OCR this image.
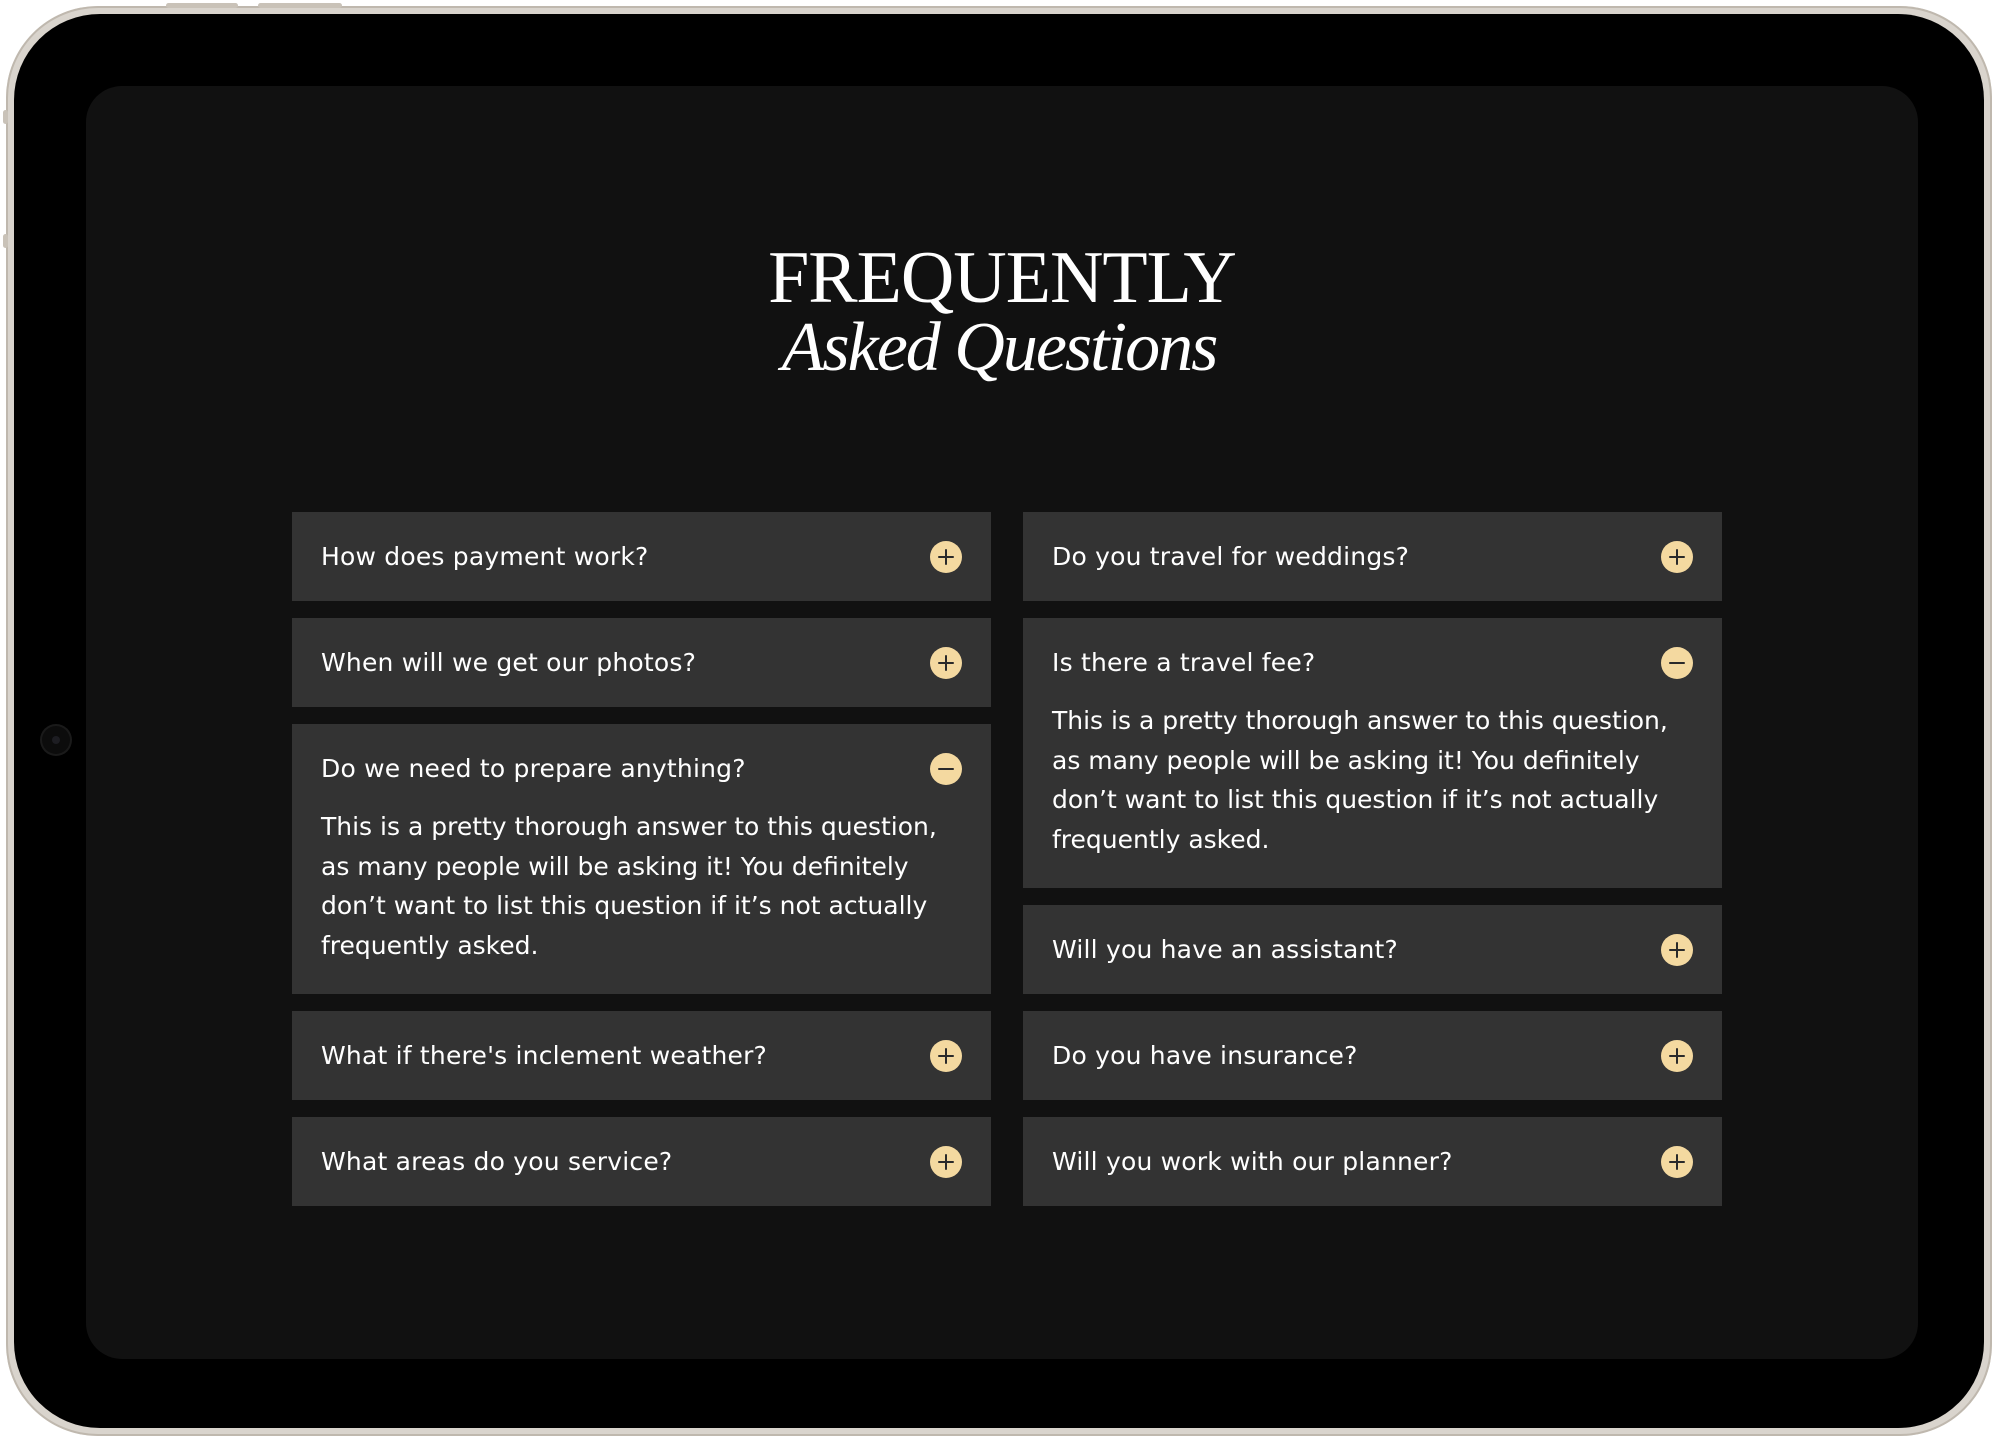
FREQUENTLY
Asked Questions
How does payment work?
When will we get our photos?
Do we need to prepare anything?
This is a pretty thorough answer to this question, as many people will be asking it! You definitely don’t want to list this question if it’s not actually frequently asked.
What if there's inclement weather?
What areas do you service?
Do you travel for weddings?
Is there a travel fee?
This is a pretty thorough answer to this question, as many people will be asking it! You definitely don’t want to list this question if it’s not actually frequently asked.
Will you have an assistant?
Do you have insurance?
Will you work with our planner?
